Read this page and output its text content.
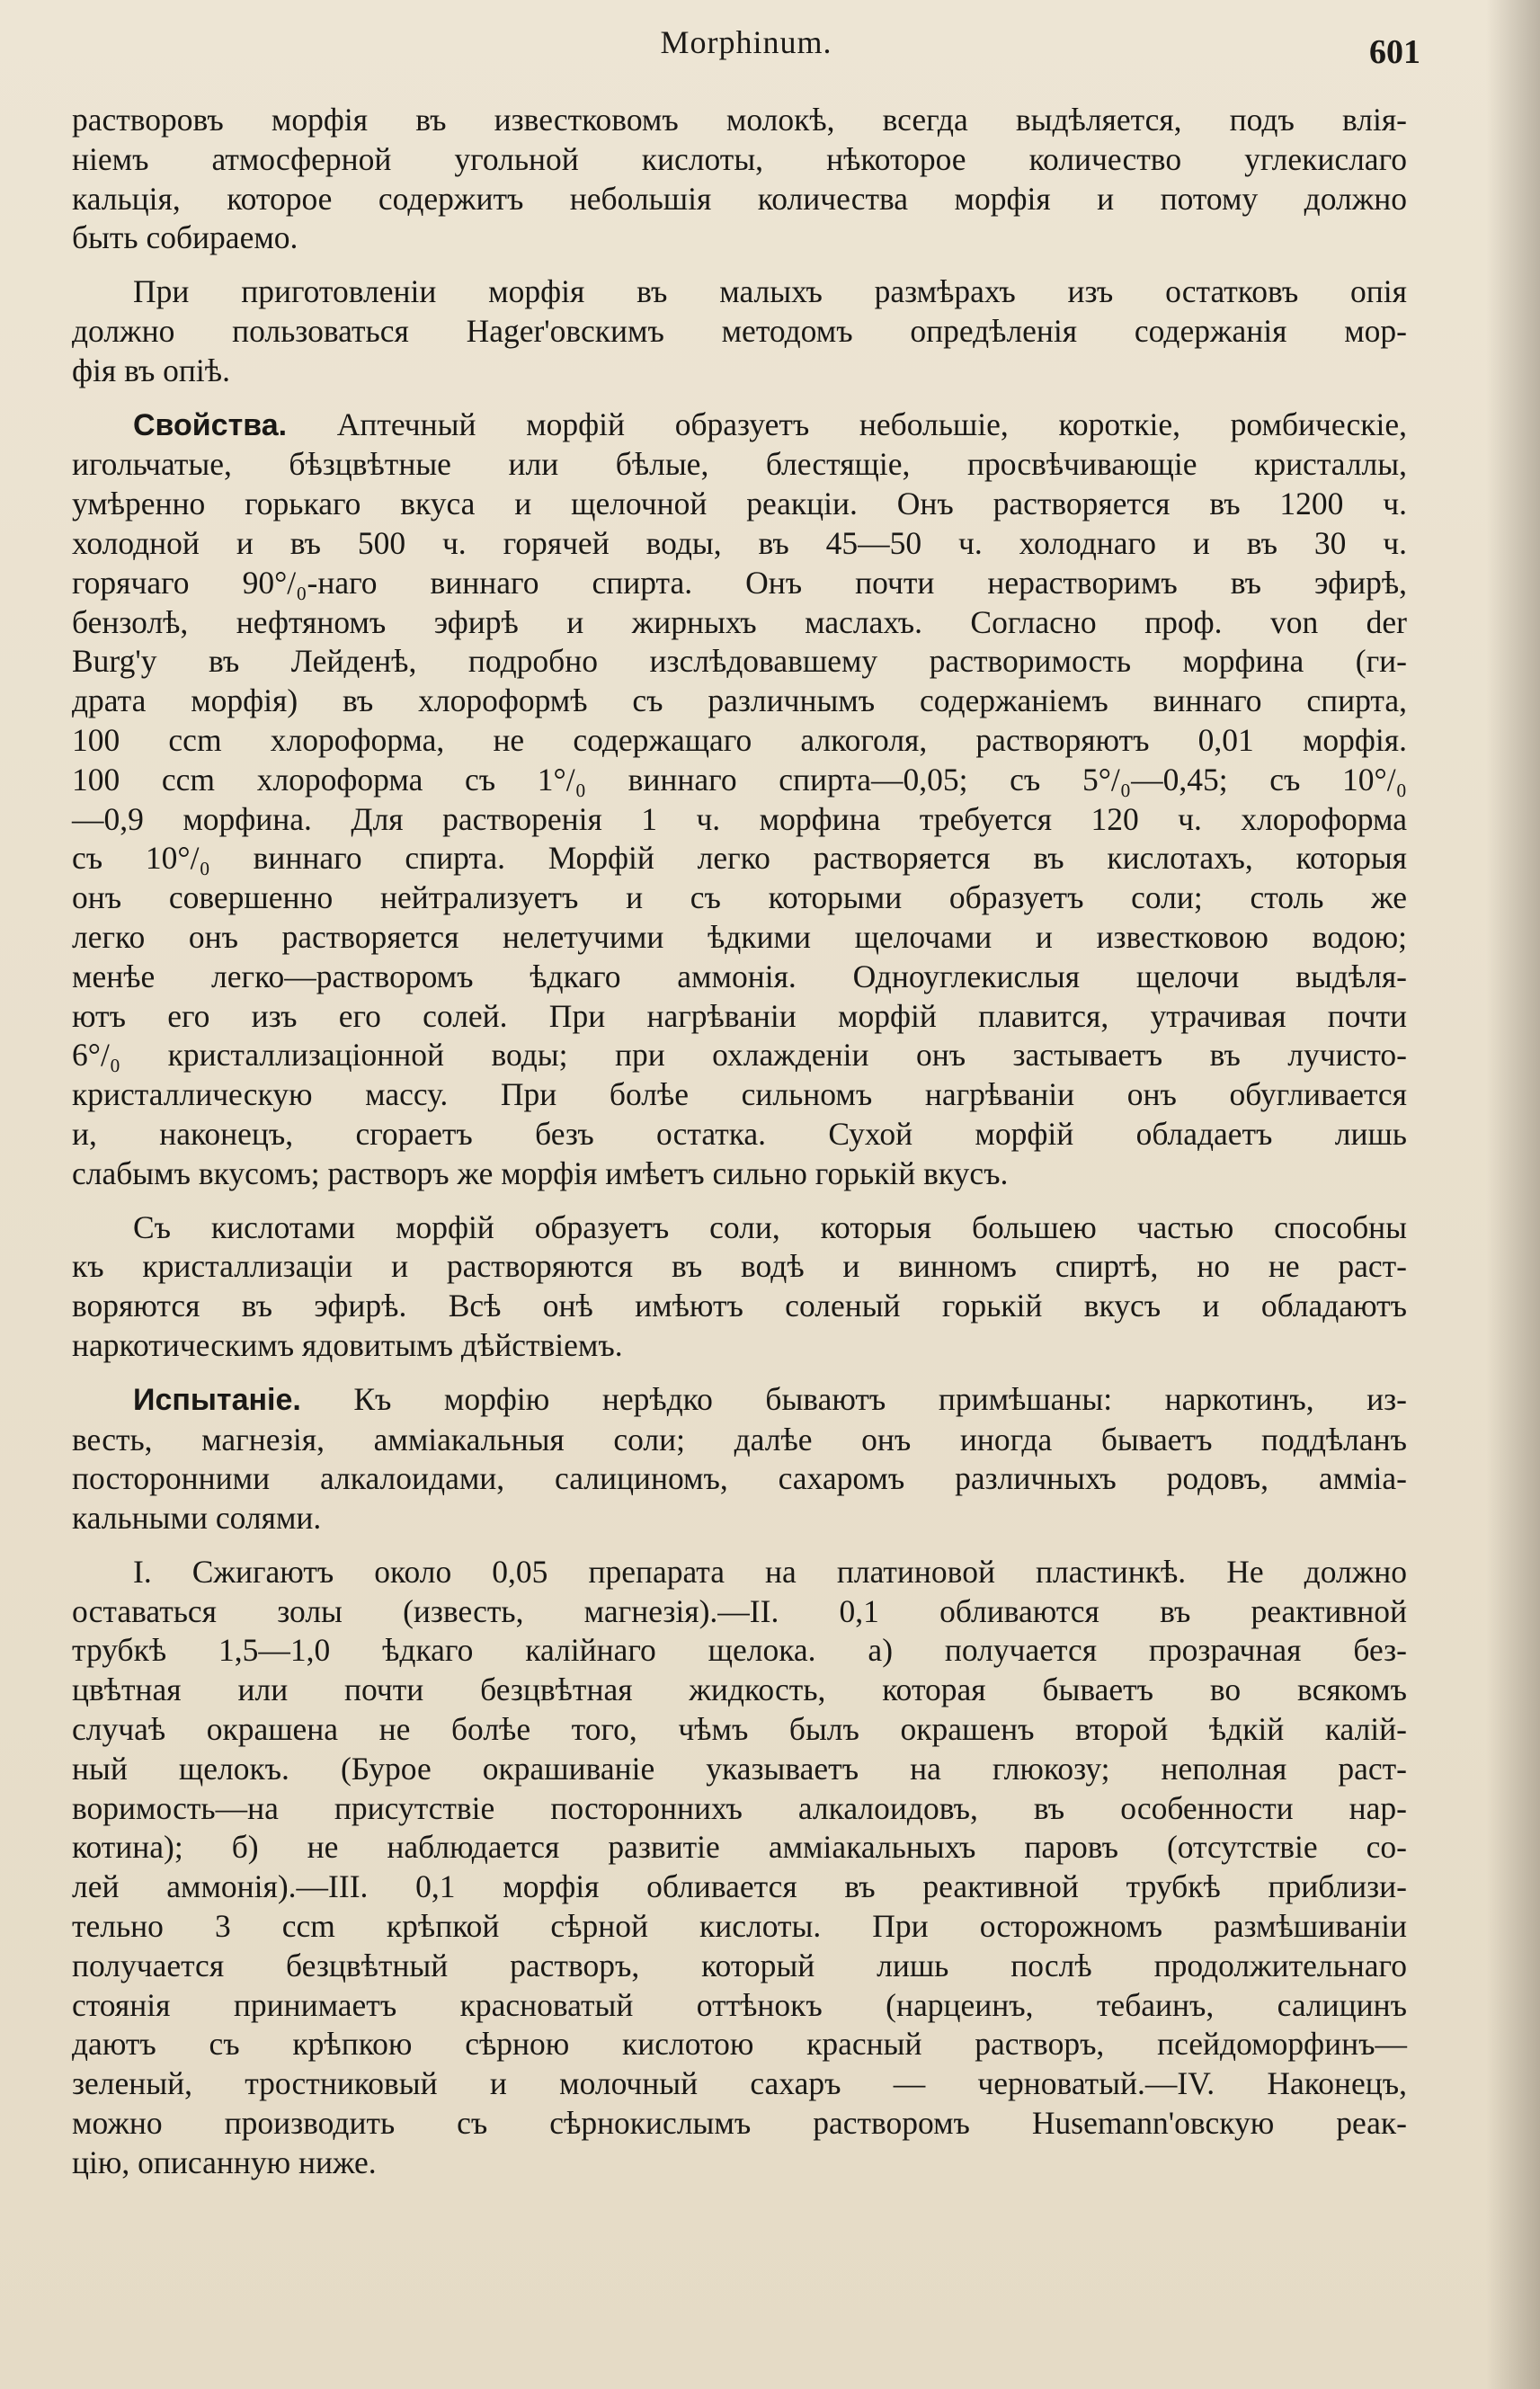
Morphinum.	601

растворовъ морфія въ известковомъ молокѣ, всегда выдѣляется, подъ влія-
ніемъ атмосферной угольной кислоты, нѣкоторое количество углекислаго
кальція, которое содержитъ небольшія количества морфія и потому должно
быть собираемо.

При приготовленіи морфія въ малыхъ размѣрахъ изъ остатковъ опія
должно пользоваться Hager'овскимъ методомъ опредѣленія содержанія мор-
фія въ опіѣ.

Свойства. Аптечный морфій образуетъ небольшіе, короткіе, ромбическіе,
игольчатые, бѣзцвѣтные или бѣлые, блестящіе, просвѣчивающіе кристаллы,
умѣренно горькаго вкуса и щелочной реакціи. Онъ растворяется въ 1200 ч.
холодной и въ 500 ч. горячей воды, въ 45—50 ч. холоднаго и въ 30 ч.
горячаго 90°/₀-наго виннаго спирта. Онъ почти нерастворимъ въ эфирѣ,
бензолѣ, нефтяномъ эфирѣ и жирныхъ маслахъ. Согласно проф. von der
Burg'у въ Лейденѣ, подробно изслѣдовавшему растворимость морфина (ги-
драта морфія) въ хлороформѣ съ различнымъ содержаніемъ виннаго спирта,
100 ccm хлороформа, не содержащаго алкоголя, растворяютъ 0,01 морфія.
100 ccm хлороформа съ 1°/₀ виннаго спирта—0,05; съ 5°/₀—0,45; съ 10°/₀
—0,9 морфина. Для растворенія 1 ч. морфина требуется 120 ч. хлороформа
съ 10°/₀ виннаго спирта. Морфій легко растворяется въ кислотахъ, которыя
онъ совершенно нейтрализуетъ и съ которыми образуетъ соли; столь же
легко онъ растворяется нелетучими ѣдкими щелочами и известковою водою;
менѣе легко—растворомъ ѣдкаго аммонія. Одноуглекислыя щелочи выдѣля-
ютъ его изъ его солей. При нагрѣваніи морфій плавится, утрачивая почти
6°/₀ кристаллизаціонной воды; при охлажденіи онъ застываетъ въ лучисто-
кристаллическую массу. При болѣе сильномъ нагрѣваніи онъ обугливается
и, наконецъ, сгораетъ безъ остатка. Сухой морфій обладаетъ лишь
слабымъ вкусомъ; растворъ же морфія имѣетъ сильно горькій вкусъ.

Съ кислотами морфій образуетъ соли, которыя большею частью способны
къ кристаллизаціи и растворяются въ водѣ и винномъ спиртѣ, но не раст-
воряются въ эфирѣ. Всѣ онѣ имѣютъ соленый горькій вкусъ и обладаютъ
наркотическимъ ядовитымъ дѣйствіемъ.

Испытаніе. Къ морфію нерѣдко бываютъ примѣшаны: наркотинъ, из-
весть, магнезія, аммiакальныя соли; далѣе онъ иногда бываетъ поддѣланъ
посторонними алкалоидами, салициномъ, сахаромъ различныхъ родовъ, аммiа-
кальными солями.

I. Сжигаютъ около 0,05 препарата на платиновой пластинкѣ. Не должно
оставаться золы (известь, магнезія).—II. 0,1 обливаются въ реактивной
трубкѣ 1,5—1,0 ѣдкаго калійнаго щелока. а) получается прозрачная без-
цвѣтная или почти безцвѣтная жидкость, которая бываетъ во всякомъ
случаѣ окрашена не болѣе того, чѣмъ былъ окрашенъ второй ѣдкій калій-
ный щелокъ. (Бурое окрашиваніе указываетъ на глюкозу; неполная раст-
воримость—на присутствіе постороннихъ алкалоидовъ, въ особенности нар-
котина); б) не наблюдается развитіе аммiакальныхъ паровъ (отсутствіе со-
лей аммонія).—III. 0,1 морфія обливается въ реактивной трубкѣ приблизи-
тельно 3 ccm крѣпкой сѣрной кислоты. При осторожномъ размѣшиваніи
получается безцвѣтный растворъ, который лишь послѣ продолжительнаго
стоянія принимаетъ красноватый оттѣнокъ (нарцеинъ, тебаинъ, салицинъ
даютъ съ крѣпкою сѣрною кислотою красный растворъ, псейдоморфинъ—
зеленый, тростниковый и молочный сахаръ — черноватый.—IV. Наконецъ,
можно производить съ сѣрнокислымъ растворомъ Husemann'овскую реак-
цію, описанную ниже.
